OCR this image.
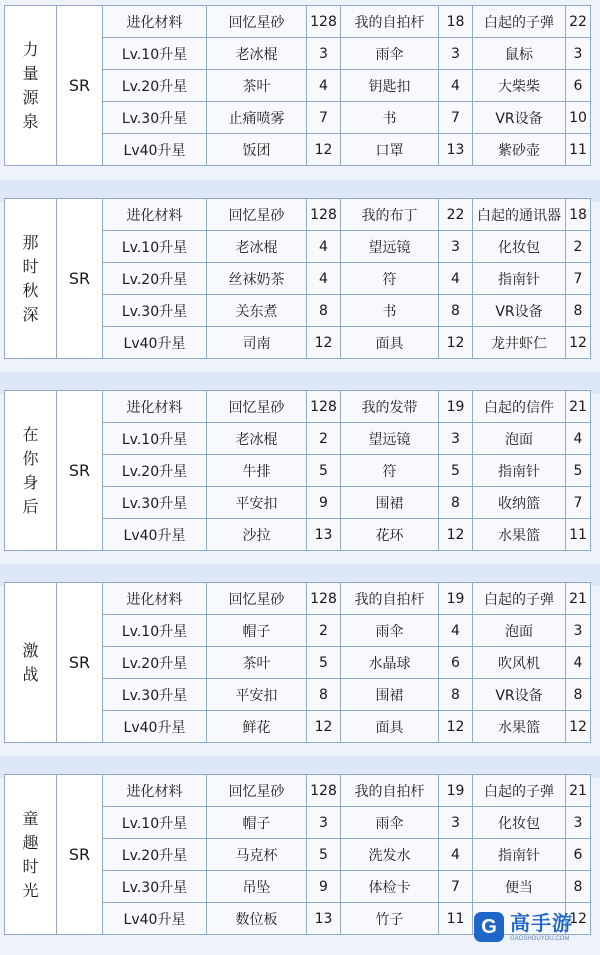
力
量
源
泉	SR	进化材料	回忆星砂	128	我的自拍杆	18	白起的子弹	22
		Lv.10升星	老冰棍	3	雨伞	3	鼠标	3
		Lv.20升星	茶叶	4	钥匙扣	4	大柴柴	6
		Lv.30升星	止痛喷雾	7	书	7	VR设备	10
		Lv40升星	饭团	12	口罩	13	紫砂壶	11
那
时
秋
深	SR	进化材料	回忆星砂	128	我的布丁	22	白起的通讯器	18
		Lv.10升星	老冰棍	4	望远镜	3	化妆包	2
		Lv.20升星	丝袜奶茶	4	符	4	指南针	7
		Lv.30升星	关东煮	8	书	8	VR设备	8
		Lv40升星	司南	12	面具	12	龙井虾仁	12
在
你
身
后	SR	进化材料	回忆星砂	128	我的发带	19	白起的信件	21
		Lv.10升星	老冰棍	2	望远镜	3	泡面	4
		Lv.20升星	牛排	5	符	5	指南针	5
		Lv.30升星	平安扣	9	围裙	8	收纳篮	7
		Lv40升星	沙拉	13	花环	12	水果篮	11
激
战	SR	进化材料	回忆星砂	128	我的自拍杆	19	白起的子弹	21
		Lv.10升星	帽子	2	雨伞	4	泡面	3
		Lv.20升星	茶叶	5	水晶球	6	吹风机	4
		Lv.30升星	平安扣	8	围裙	8	VR设备	8
		Lv40升星	鲜花	12	面具	12	水果篮	12
童
趣
时
光	SR	进化材料	回忆星砂	128	我的自拍杆	19	白起的子弹	21
		Lv.10升星	帽子	3	雨伞	3	化妆包	3
		Lv.20升星	马克杯	5	洗发水	4	指南针	6
		Lv.30升星	吊坠	9	体检卡	7	便当	8
		Lv40升星	数位板	13	竹子	11		12
G 高手游
GAOSHOUYOU.COM
